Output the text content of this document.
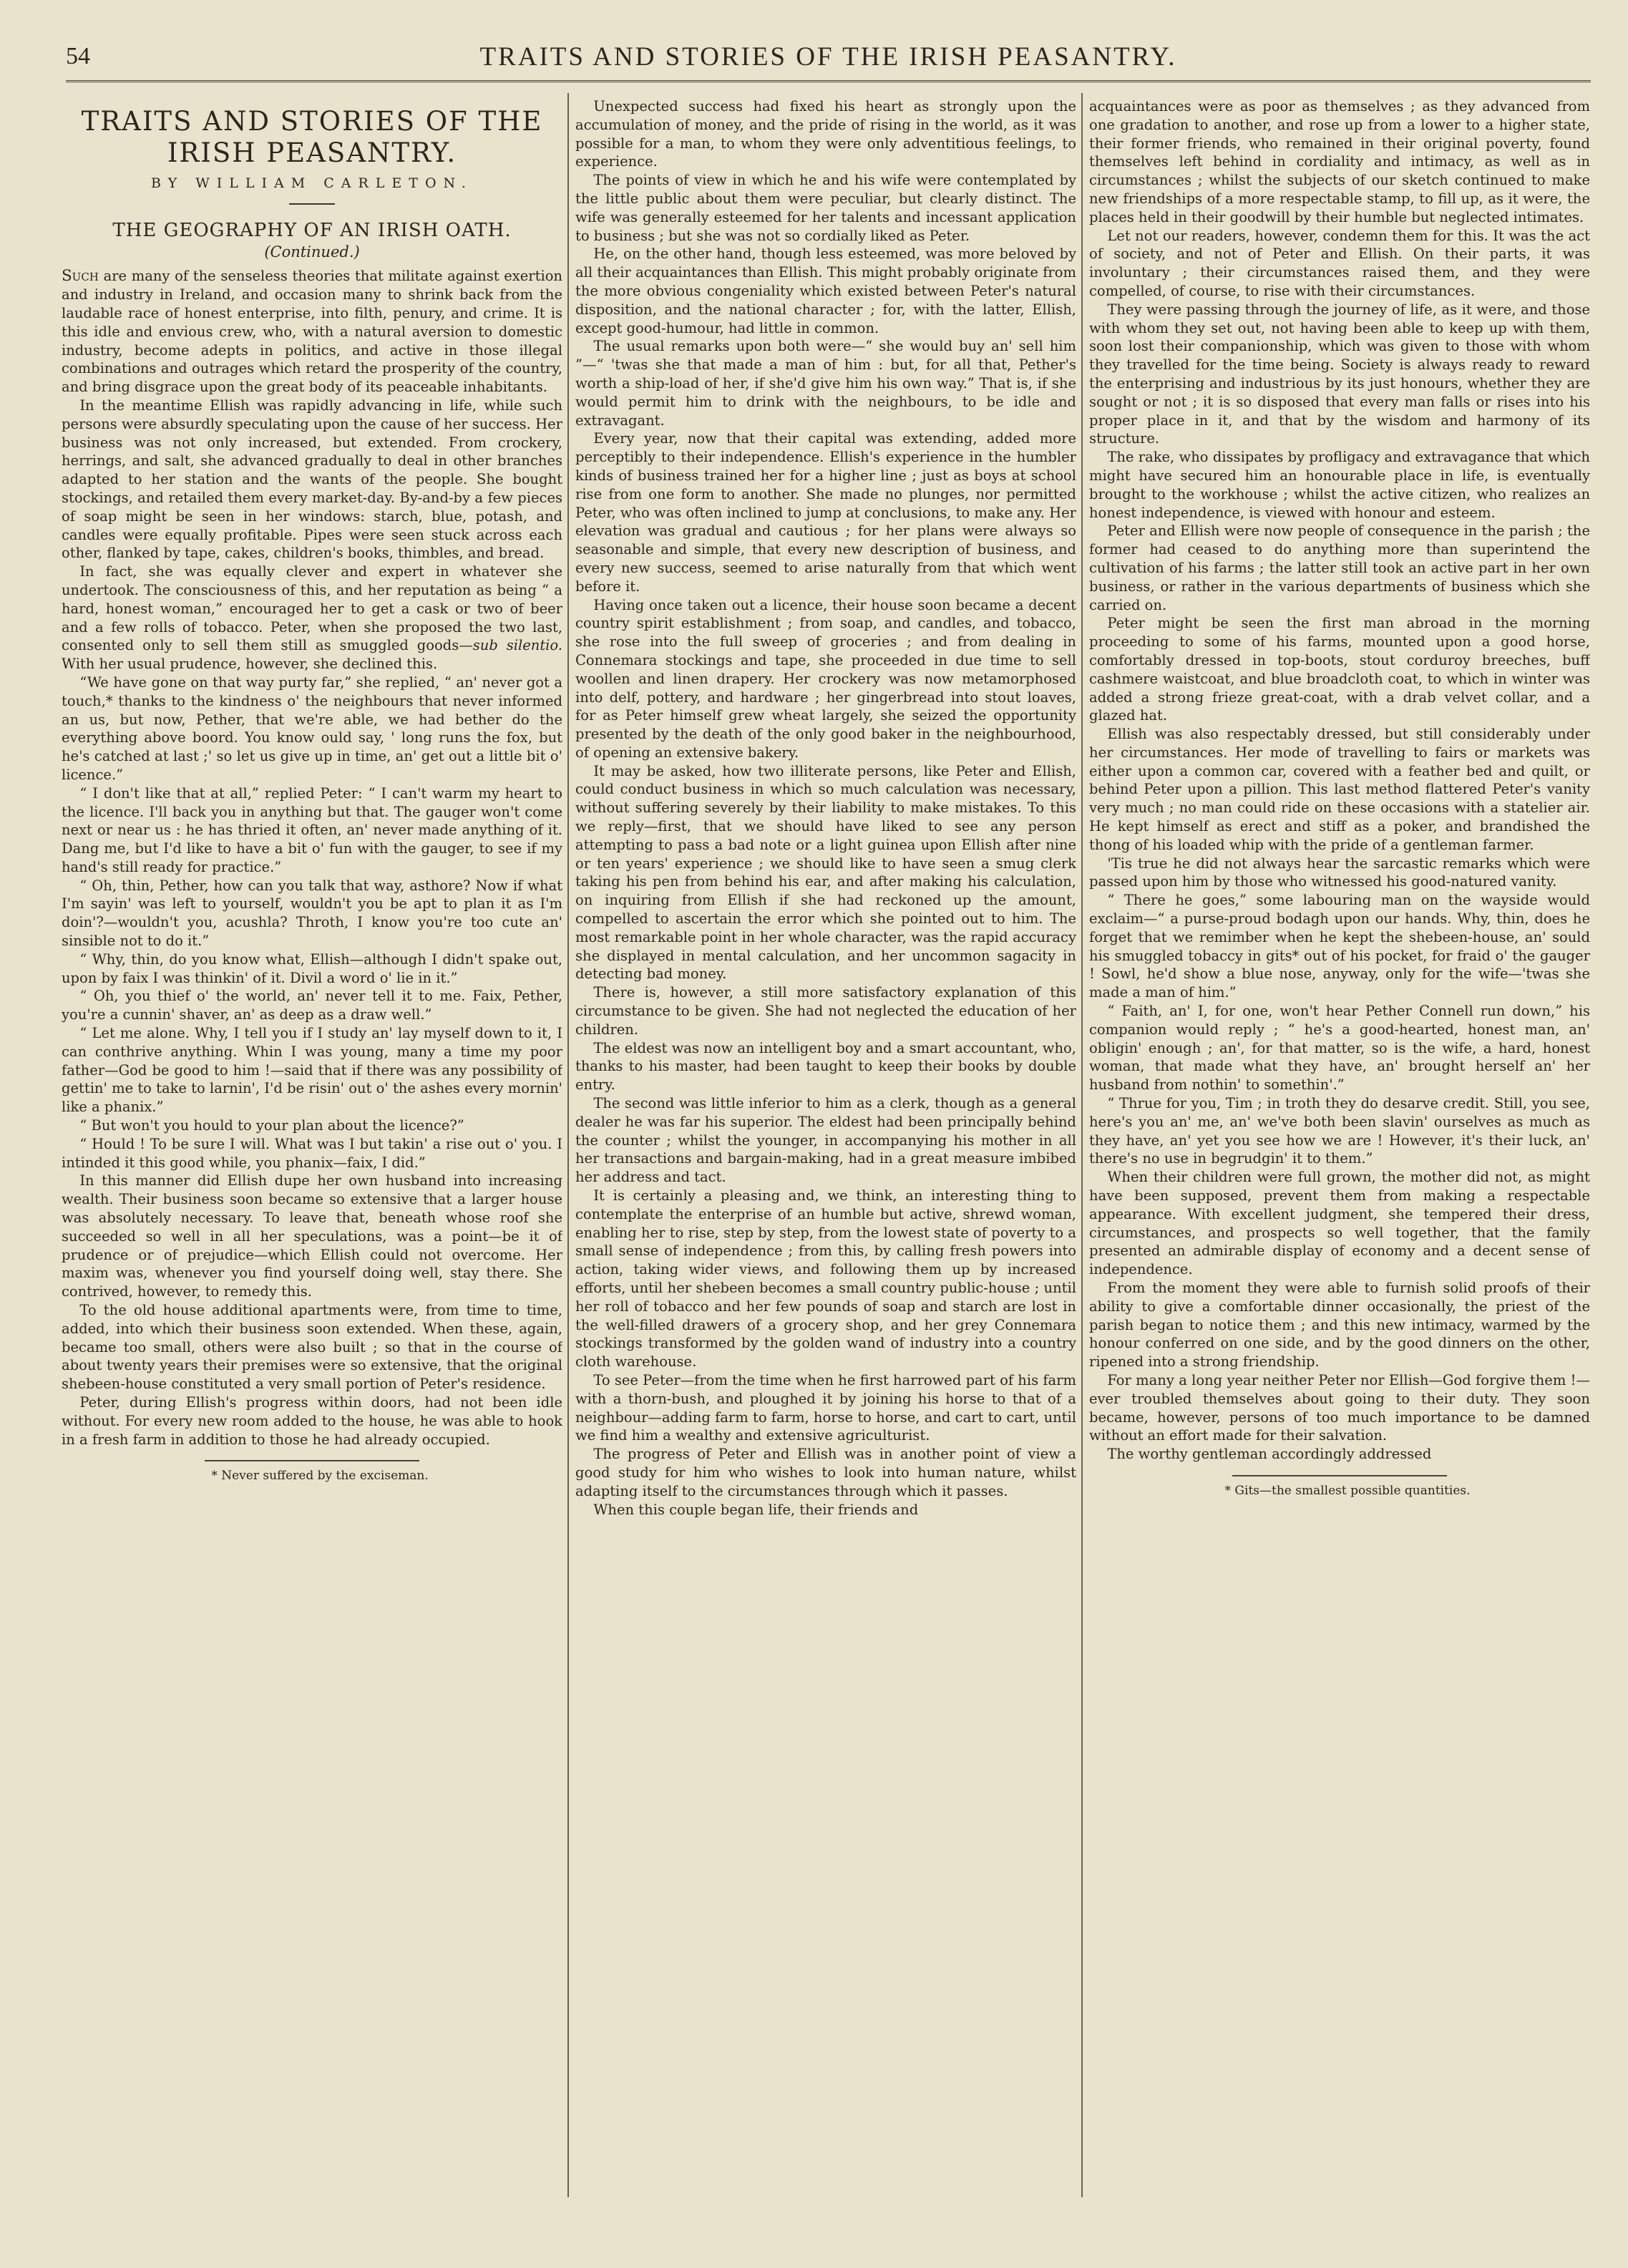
54	TRAITS AND STORIES OF THE IRISH PEASANTRY.
TRAITS AND STORIES OF THE IRISH PEASANTRY.
BY WILLIAM CARLETON.
THE GEOGRAPHY OF AN IRISH OATH.
(Continued.)

Such are many of the senseless theories that militate against exertion and industry in Ireland, and occasion many to shrink back from the laudable race of honest enterprise, into filth, penury, and crime. It is this idle and envious crew, who, with a natural aversion to domestic industry, become adepts in politics, and active in those illegal combinations and outrages which retard the prosperity of the country, and bring disgrace upon the great body of its peaceable inhabitants.

In the meantime Ellish was rapidly advancing in life, while such persons were absurdly speculating upon the cause of her success. Her business was not only increased, but extended. From crockery, herrings, and salt, she advanced gradually to deal in other branches adapted to her station and the wants of the people. She bought stockings, and retailed them every market-day. By-and-by a few pieces of soap might be seen in her windows: starch, blue, potash, and candles were equally profitable. Pipes were seen stuck across each other, flanked by tape, cakes, children's books, thimbles, and bread.

In fact, she was equally clever and expert in whatever she undertook. The consciousness of this, and her reputation as being “ a hard, honest woman,” encouraged her to get a cask or two of beer and a few rolls of tobacco. Peter, when she proposed the two last, consented only to sell them still as smuggled goods—sub silentio. With her usual prudence, however, she declined this.

“We have gone on that way purty far,” she replied, “ an' never got a touch,* thanks to the kindness o' the neighbours that never informed an us, but now, Pether, that we're able, we had bether do the everything above boord. You know ould say, ' long runs the fox, but he's catched at last ;' so let us give up in time, an' get out a little bit o' licence.”

“ I don't like that at all,” replied Peter: “ I can't warm my heart to the licence. I'll back you in anything but that. The gauger won't come next or near us : he has thried it often, an' never made anything of it. Dang me, but I'd like to have a bit o' fun with the gauger, to see if my hand's still ready for practice.”

“ Oh, thin, Pether, how can you talk that way, asthore? Now if what I'm sayin' was left to yourself, wouldn't you be apt to plan it as I'm doin'?—wouldn't you, acushla? Throth, I know you're too cute an' sinsible not to do it.”

“ Why, thin, do you know what, Ellish—although I didn't spake out, upon by faix I was thinkin' of it. Divil a word o' lie in it.”

“ Oh, you thief o' the world, an' never tell it to me. Faix, Pether, you're a cunnin' shaver, an' as deep as a draw well.”

“ Let me alone. Why, I tell you if I study an' lay myself down to it, I can conthrive anything. Whin I was young, many a time my poor father—God be good to him !—said that if there was any possibility of gettin' me to take to larnin', I'd be risin' out o' the ashes every mornin' like a phanix.”

“ But won't you hould to your plan about the licence?”

“ Hould ! To be sure I will. What was I but takin' a rise out o' you. I intinded it this good while, you phanix—faix, I did.”

In this manner did Ellish dupe her own husband into increasing wealth. Their business soon became so extensive that a larger house was absolutely necessary. To leave that, beneath whose roof she succeeded so well in all her speculations, was a point—be it of prudence or of prejudice—which Ellish could not overcome. Her maxim was, whenever you find yourself doing well, stay there. She contrived, however, to remedy this.

To the old house additional apartments were, from time to time, added, into which their business soon extended. When these, again, became too small, others were also built ; so that in the course of about twenty years their premises were so extensive, that the original shebeen-house constituted a very small portion of Peter's residence.

Peter, during Ellish's progress within doors, had not been idle without. For every new room added to the house, he was able to hook in a fresh farm in addition to those he had already occupied.

* Never suffered by the exciseman.

Unexpected success had fixed his heart as strongly upon the accumulation of money, and the pride of rising in the world, as it was possible for a man, to whom they were only adventitious feelings, to experience.

The points of view in which he and his wife were contemplated by the little public about them were peculiar, but clearly distinct. The wife was generally esteemed for her talents and incessant application to business ; but she was not so cordially liked as Peter.

He, on the other hand, though less esteemed, was more beloved by all their acquaintances than Ellish. This might probably originate from the more obvious congeniality which existed between Peter's natural disposition, and the national character ; for, with the latter, Ellish, except good-humour, had little in common.

The usual remarks upon both were—“ she would buy an' sell him ”—“ 'twas she that made a man of him : but, for all that, Pether's worth a ship-load of her, if she'd give him his own way.” That is, if she would permit him to drink with the neighbours, to be idle and extravagant.

Every year, now that their capital was extending, added more perceptibly to their independence. Ellish's experience in the humbler kinds of business trained her for a higher line ; just as boys at school rise from one form to another. She made no plunges, nor permitted Peter, who was often inclined to jump at conclusions, to make any. Her elevation was gradual and cautious ; for her plans were always so seasonable and simple, that every new description of business, and every new success, seemed to arise naturally from that which went before it.

Having once taken out a licence, their house soon became a decent country spirit establishment ; from soap, and candles, and tobacco, she rose into the full sweep of groceries ; and from dealing in Connemara stockings and tape, she proceeded in due time to sell woollen and linen drapery. Her crockery was now metamorphosed into delf, pottery, and hardware ; her gingerbread into stout loaves, for as Peter himself grew wheat largely, she seized the opportunity presented by the death of the only good baker in the neighbourhood, of opening an extensive bakery.

It may be asked, how two illiterate persons, like Peter and Ellish, could conduct business in which so much calculation was necessary, without suffering severely by their liability to make mistakes. To this we reply—first, that we should have liked to see any person attempting to pass a bad note or a light guinea upon Ellish after nine or ten years' experience ; we should like to have seen a smug clerk taking his pen from behind his ear, and after making his calculation, on inquiring from Ellish if she had reckoned up the amount, compelled to ascertain the error which she pointed out to him. The most remarkable point in her whole character, was the rapid accuracy she displayed in mental calculation, and her uncommon sagacity in detecting bad money.

There is, however, a still more satisfactory explanation of this circumstance to be given. She had not neglected the education of her children.

The eldest was now an intelligent boy and a smart accountant, who, thanks to his master, had been taught to keep their books by double entry.

The second was little inferior to him as a clerk, though as a general dealer he was far his superior. The eldest had been principally behind the counter ; whilst the younger, in accompanying his mother in all her transactions and bargain-making, had in a great measure imbibed her address and tact.

It is certainly a pleasing and, we think, an interesting thing to contemplate the enterprise of an humble but active, shrewd woman, enabling her to rise, step by step, from the lowest state of poverty to a small sense of independence ; from this, by calling fresh powers into action, taking wider views, and following them up by increased efforts, until her shebeen becomes a small country public-house ; until her roll of tobacco and her few pounds of soap and starch are lost in the well-filled drawers of a grocery shop, and her grey Connemara stockings transformed by the golden wand of industry into a country cloth warehouse.

To see Peter—from the time when he first harrowed part of his farm with a thorn-bush, and ploughed it by joining his horse to that of a neighbour—adding farm to farm, horse to horse, and cart to cart, until we find him a wealthy and extensive agriculturist.

The progress of Peter and Ellish was in another point of view a good study for him who wishes to look into human nature, whilst adapting itself to the circumstances through which it passes.

When this couple began life, their friends and

acquaintances were as poor as themselves ; as they advanced from one gradation to another, and rose up from a lower to a higher state, their former friends, who remained in their original poverty, found themselves left behind in cordiality and intimacy, as well as in circumstances ; whilst the subjects of our sketch continued to make new friendships of a more respectable stamp, to fill up, as it were, the places held in their goodwill by their humble but neglected intimates.

Let not our readers, however, condemn them for this. It was the act of society, and not of Peter and Ellish. On their parts, it was involuntary ; their circumstances raised them, and they were compelled, of course, to rise with their circumstances.

They were passing through the journey of life, as it were, and those with whom they set out, not having been able to keep up with them, soon lost their companionship, which was given to those with whom they travelled for the time being. Society is always ready to reward the enterprising and industrious by its just honours, whether they are sought or not ; it is so disposed that every man falls or rises into his proper place in it, and that by the wisdom and harmony of its structure.

The rake, who dissipates by profligacy and extravagance that which might have secured him an honourable place in life, is eventually brought to the workhouse ; whilst the active citizen, who realizes an honest independence, is viewed with honour and esteem.

Peter and Ellish were now people of consequence in the parish ; the former had ceased to do anything more than superintend the cultivation of his farms ; the latter still took an active part in her own business, or rather in the various departments of business which she carried on.

Peter might be seen the first man abroad in the morning proceeding to some of his farms, mounted upon a good horse, comfortably dressed in top-boots, stout corduroy breeches, buff cashmere waistcoat, and blue broadcloth coat, to which in winter was added a strong frieze great-coat, with a drab velvet collar, and a glazed hat.

Ellish was also respectably dressed, but still considerably under her circumstances. Her mode of travelling to fairs or markets was either upon a common car, covered with a feather bed and quilt, or behind Peter upon a pillion. This last method flattered Peter's vanity very much ; no man could ride on these occasions with a statelier air. He kept himself as erect and stiff as a poker, and brandished the thong of his loaded whip with the pride of a gentleman farmer.

'Tis true he did not always hear the sarcastic remarks which were passed upon him by those who witnessed his good-natured vanity.

“ There he goes,” some labouring man on the wayside would exclaim—“ a purse-proud bodagh upon our hands. Why, thin, does he forget that we remimber when he kept the shebeen-house, an' sould his smuggled tobaccy in gits* out of his pocket, for fraid o' the gauger ! Sowl, he'd show a blue nose, anyway, only for the wife—'twas she made a man of him.”

“ Faith, an' I, for one, won't hear Pether Connell run down,” his companion would reply ; “ he's a good-hearted, honest man, an' obligin' enough ; an', for that matter, so is the wife, a hard, honest woman, that made what they have, an' brought herself an' her husband from nothin' to somethin'.”

“ Thrue for you, Tim ; in troth they do desarve credit. Still, you see, here's you an' me, an' we've both been slavin' ourselves as much as they have, an' yet you see how we are ! However, it's their luck, an' there's no use in begrudgin' it to them.”

When their children were full grown, the mother did not, as might have been supposed, prevent them from making a respectable appearance. With excellent judgment, she tempered their dress, circumstances, and prospects so well together, that the family presented an admirable display of economy and a decent sense of independence.

From the moment they were able to furnish solid proofs of their ability to give a comfortable dinner occasionally, the priest of the parish began to notice them ; and this new intimacy, warmed by the honour conferred on one side, and by the good dinners on the other, ripened into a strong friendship.

For many a long year neither Peter nor Ellish—God forgive them !—ever troubled themselves about going to their duty. They soon became, however, persons of too much importance to be damned without an effort made for their salvation.

The worthy gentleman accordingly addressed

* Gits—the smallest possible quantities.
